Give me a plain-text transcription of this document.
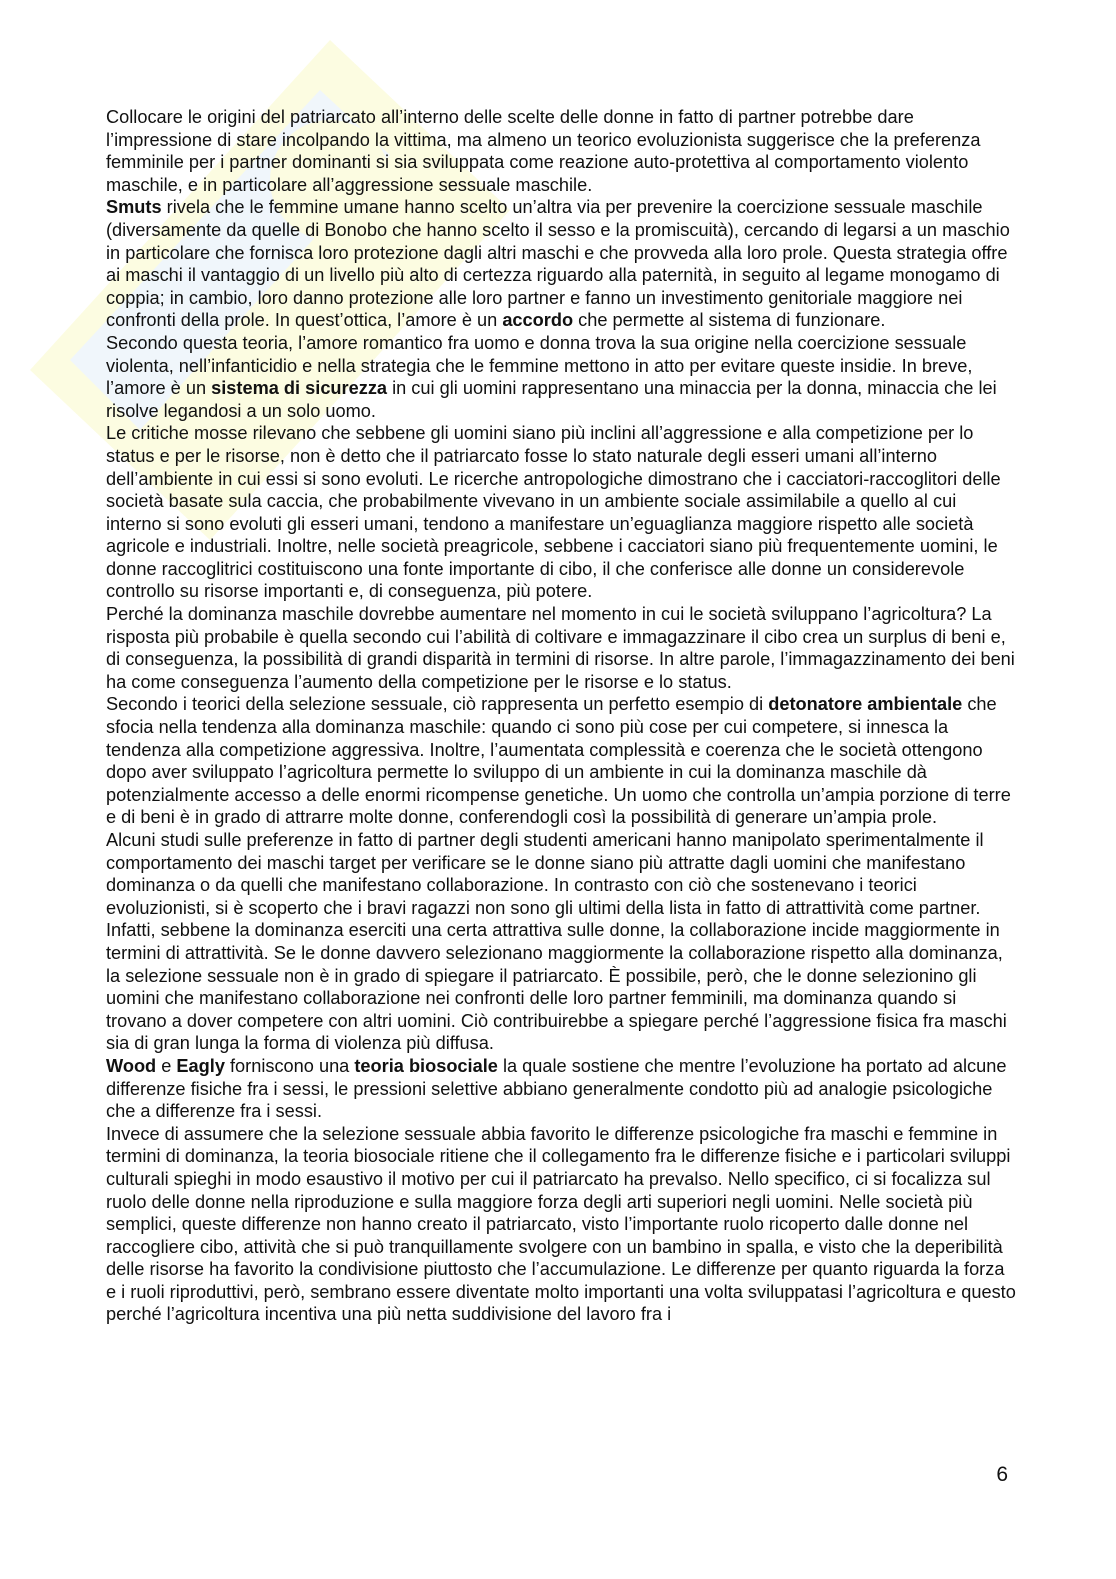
Collocare le origini del patriarcato all’interno delle scelte delle donne in fatto di partner potrebbe dare l’impressione di stare incolpando la vittima, ma almeno un teorico evoluzionista suggerisce che la preferenza femminile per i partner dominanti si sia sviluppata come reazione auto-protettiva al comportamento violento maschile, e in particolare all’aggressione sessuale maschile.

Smuts rivela che le femmine umane hanno scelto un’altra via per prevenire la coercizione sessuale maschile (diversamente da quelle di Bonobo che hanno scelto il sesso e la promiscuità), cercando di legarsi a un maschio in particolare che fornisca loro protezione dagli altri maschi e che provveda alla loro prole. Questa strategia offre ai maschi il vantaggio di un livello più alto di certezza riguardo alla paternità, in seguito al legame monogamo di coppia; in cambio, loro danno protezione alle loro partner e fanno un investimento genitoriale maggiore nei confronti della prole. In quest’ottica, l’amore è un accordo che permette al sistema di funzionare.

Secondo questa teoria, l’amore romantico fra uomo e donna trova la sua origine nella coercizione sessuale violenta, nell’infanticidio e nella strategia che le femmine mettono in atto per evitare queste insidie. In breve, l’amore è un sistema di sicurezza in cui gli uomini rappresentano una minaccia per la donna, minaccia che lei risolve legandosi a un solo uomo.

Le critiche mosse rilevano che sebbene gli uomini siano più inclini all’aggressione e alla competizione per lo status e per le risorse, non è detto che il patriarcato fosse lo stato naturale degli esseri umani all’interno dell’ambiente in cui essi si sono evoluti. Le ricerche antropologiche dimostrano che i cacciatori-raccoglitori delle società basate sula caccia, che probabilmente vivevano in un ambiente sociale assimilabile a quello al cui interno si sono evoluti gli esseri umani, tendono a manifestare un’eguaglianza maggiore rispetto alle società agricole e industriali. Inoltre, nelle società preagricole, sebbene i cacciatori siano più frequentemente uomini, le donne raccoglitrici costituiscono una fonte importante di cibo, il che conferisce alle donne un considerevole controllo su risorse importanti e, di conseguenza, più potere.

Perché la dominanza maschile dovrebbe aumentare nel momento in cui le società sviluppano l’agricoltura? La risposta più probabile è quella secondo cui l’abilità di coltivare e immagazzinare il cibo crea un surplus di beni e, di conseguenza, la possibilità di grandi disparità in termini di risorse. In altre parole, l’immagazzinamento dei beni ha come conseguenza l’aumento della competizione per le risorse e lo status.

Secondo i teorici della selezione sessuale, ciò rappresenta un perfetto esempio di detonatore ambientale che sfocia nella tendenza alla dominanza maschile: quando ci sono più cose per cui competere, si innesca la tendenza alla competizione aggressiva. Inoltre, l’aumentata complessità e coerenza che le società ottengono dopo aver sviluppato l’agricoltura permette lo sviluppo di un ambiente in cui la dominanza maschile dà potenzialmente accesso a delle enormi ricompense genetiche. Un uomo che controlla un’ampia porzione di terre e di beni è in grado di attrarre molte donne, conferendogli così la possibilità di generare un’ampia prole.

Alcuni studi sulle preferenze in fatto di partner degli studenti americani hanno manipolato sperimentalmente il comportamento dei maschi target per verificare se le donne siano più attratte dagli uomini che manifestano dominanza o da quelli che manifestano collaborazione. In contrasto con ciò che sostenevano i teorici evoluzionisti, si è scoperto che i bravi ragazzi non sono gli ultimi della lista in fatto di attrattività come partner. Infatti, sebbene la dominanza eserciti una certa attrattiva sulle donne, la collaborazione incide maggiormente in termini di attrattività. Se le donne davvero selezionano maggiormente la collaborazione rispetto alla dominanza, la selezione sessuale non è in grado di spiegare il patriarcato. È possibile, però, che le donne selezionino gli uomini che manifestano collaborazione nei confronti delle loro partner femminili, ma dominanza quando si trovano a dover competere con altri uomini. Ciò contribuirebbe a spiegare perché l’aggressione fisica fra maschi sia di gran lunga la forma di violenza più diffusa.

Wood e Eagly forniscono una teoria biosociale la quale sostiene che mentre l’evoluzione ha portato ad alcune differenze fisiche fra i sessi, le pressioni selettive abbiano generalmente condotto più ad analogie psicologiche che a differenze fra i sessi.

Invece di assumere che la selezione sessuale abbia favorito le differenze psicologiche fra maschi e femmine in termini di dominanza, la teoria biosociale ritiene che il collegamento fra le differenze fisiche e i particolari sviluppi culturali spieghi in modo esaustivo il motivo per cui il patriarcato ha prevalso. Nello specifico, ci si focalizza sul ruolo delle donne nella riproduzione e sulla maggiore forza degli arti superiori negli uomini. Nelle società più semplici, queste differenze non hanno creato il patriarcato, visto l’importante ruolo ricoperto dalle donne nel raccogliere cibo, attività che si può tranquillamente svolgere con un bambino in spalla, e visto che la deperibilità delle risorse ha favorito la condivisione piuttosto che l’accumulazione. Le differenze per quanto riguarda la forza e i ruoli riproduttivi, però, sembrano essere diventate molto importanti una volta sviluppatasi l’agricoltura e questo perché l’agricoltura incentiva una più netta suddivisione del lavoro fra i

6
